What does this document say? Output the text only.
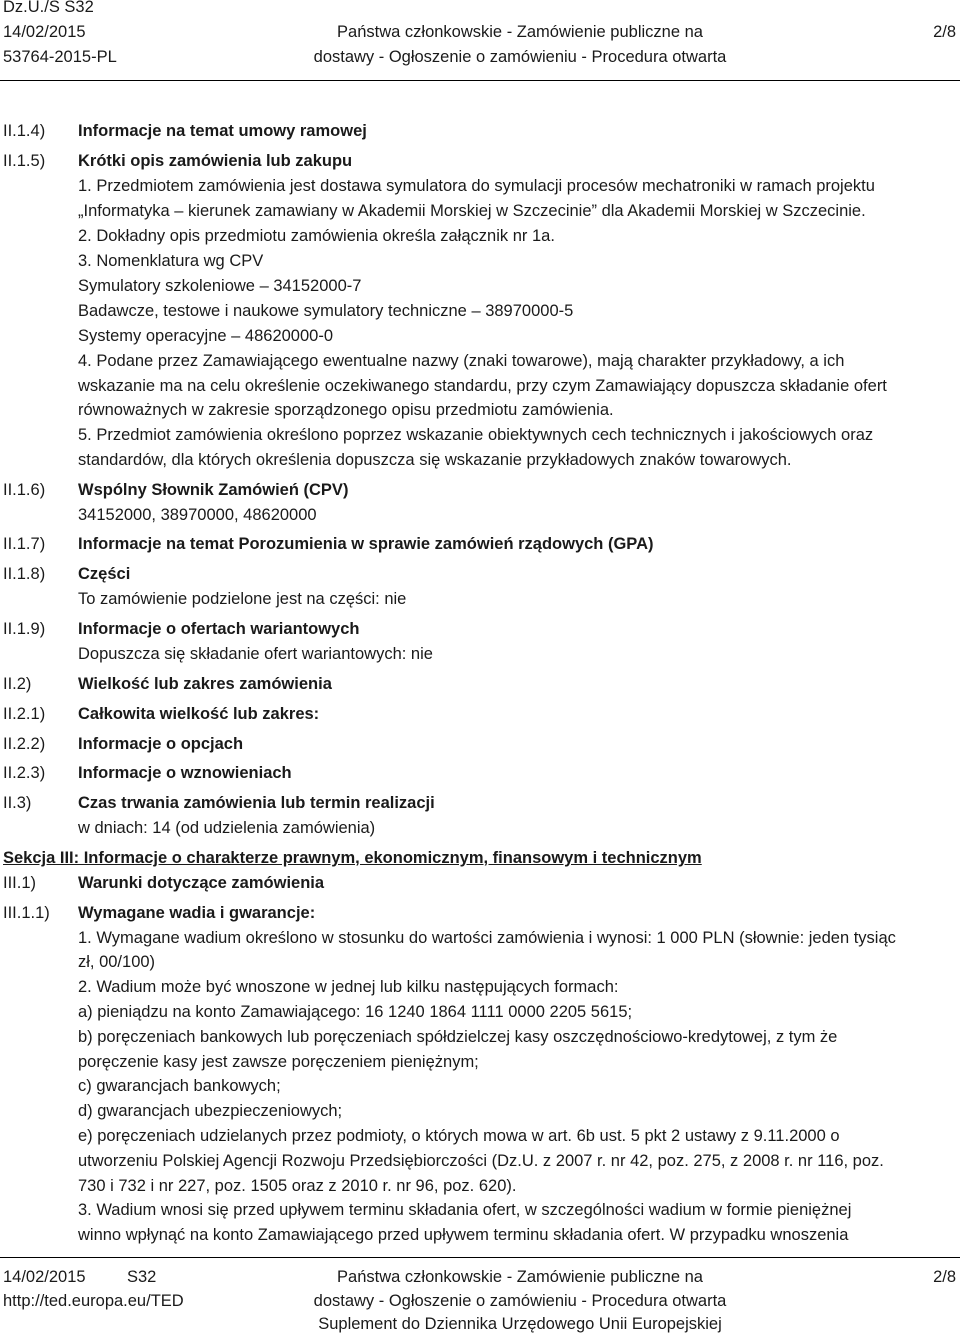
Dz.U./S S32
14/02/2015
53764-2015-PL
Państwa członkowskie - Zamówienie publiczne na
dostawy - Ogłoszenie o zamówieniu - Procedura otwarta
2/8
II.1.4) Informacje na temat umowy ramowej
II.1.5) Krótki opis zamówienia lub zakupu
1. Przedmiotem zamówienia jest dostawa symulatora do symulacji procesów mechatroniki w ramach projektu
„Informatyka – kierunek zamawiany w Akademii Morskiej w Szczecinie” dla Akademii Morskiej w Szczecinie.
2. Dokładny opis przedmiotu zamówienia określa załącznik nr 1a.
3. Nomenklatura wg CPV
Symulatory szkoleniowe – 34152000-7
Badawcze, testowe i naukowe symulatory techniczne – 38970000-5
Systemy operacyjne – 48620000-0
4. Podane przez Zamawiającego ewentualne nazwy (znaki towarowe), mają charakter przykładowy, a ich
wskazanie ma na celu określenie oczekiwanego standardu, przy czym Zamawiający dopuszcza składanie ofert
równoważnych w zakresie sporządzonego opisu przedmiotu zamówienia.
5. Przedmiot zamówienia określono poprzez wskazanie obiektywnych cech technicznych i jakościowych oraz
standardów, dla których określenia dopuszcza się wskazanie przykładowych znaków towarowych.
II.1.6) Wspólny Słownik Zamówień (CPV)
34152000, 38970000, 48620000
II.1.7) Informacje na temat Porozumienia w sprawie zamówień rządowych (GPA)
II.1.8) Części
To zamówienie podzielone jest na części: nie
II.1.9) Informacje o ofertach wariantowych
Dopuszcza się składanie ofert wariantowych: nie
II.2)	Wielkość lub zakres zamówienia
II.2.1) Całkowita wielkość lub zakres:
II.2.2) Informacje o opcjach
II.2.3) Informacje o wznowieniach
II.3)	Czas trwania zamówienia lub termin realizacji
w dniach: 14 (od udzielenia zamówienia)
Sekcja III: Informacje o charakterze prawnym, ekonomicznym, finansowym i technicznym
III.1)	Warunki dotyczące zamówienia
III.1.1) Wymagane wadia i gwarancje:
1. Wymagane wadium określono w stosunku do wartości zamówienia i wynosi: 1 000 PLN (słownie: jeden tysiąc
zł, 00/100)
2. Wadium może być wnoszone w jednej lub kilku następujących formach:
a) pieniądzu na konto Zamawiającego: 16 1240 1864 1111 0000 2205 5615;
b) poręczeniach bankowych lub poręczeniach spółdzielczej kasy oszczędnościowo-kredytowej, z tym że
poręczenie kasy jest zawsze poręczeniem pieniężnym;
c) gwarancjach bankowych;
d) gwarancjach ubezpieczeniowych;
e) poręczeniach udzielanych przez podmioty, o których mowa w art. 6b ust. 5 pkt 2 ustawy z 9.11.2000 o
utworzeniu Polskiej Agencji Rozwoju Przedsiębiorczości (Dz.U. z 2007 r. nr 42, poz. 275, z 2008 r. nr 116, poz.
730 i 732 i nr 227, poz. 1505 oraz z 2010 r. nr 96, poz. 620).
3. Wadium wnosi się przed upływem terminu składania ofert, w szczególności wadium w formie pieniężnej
winno wpłynąć na konto Zamawiającego przed upływem terminu składania ofert. W przypadku wnoszenia
14/02/2015	S32
http://ted.europa.eu/TED
Państwa członkowskie - Zamówienie publiczne na
dostawy - Ogłoszenie o zamówieniu - Procedura otwarta
Suplement do Dziennika Urzędowego Unii Europejskiej
2/8
